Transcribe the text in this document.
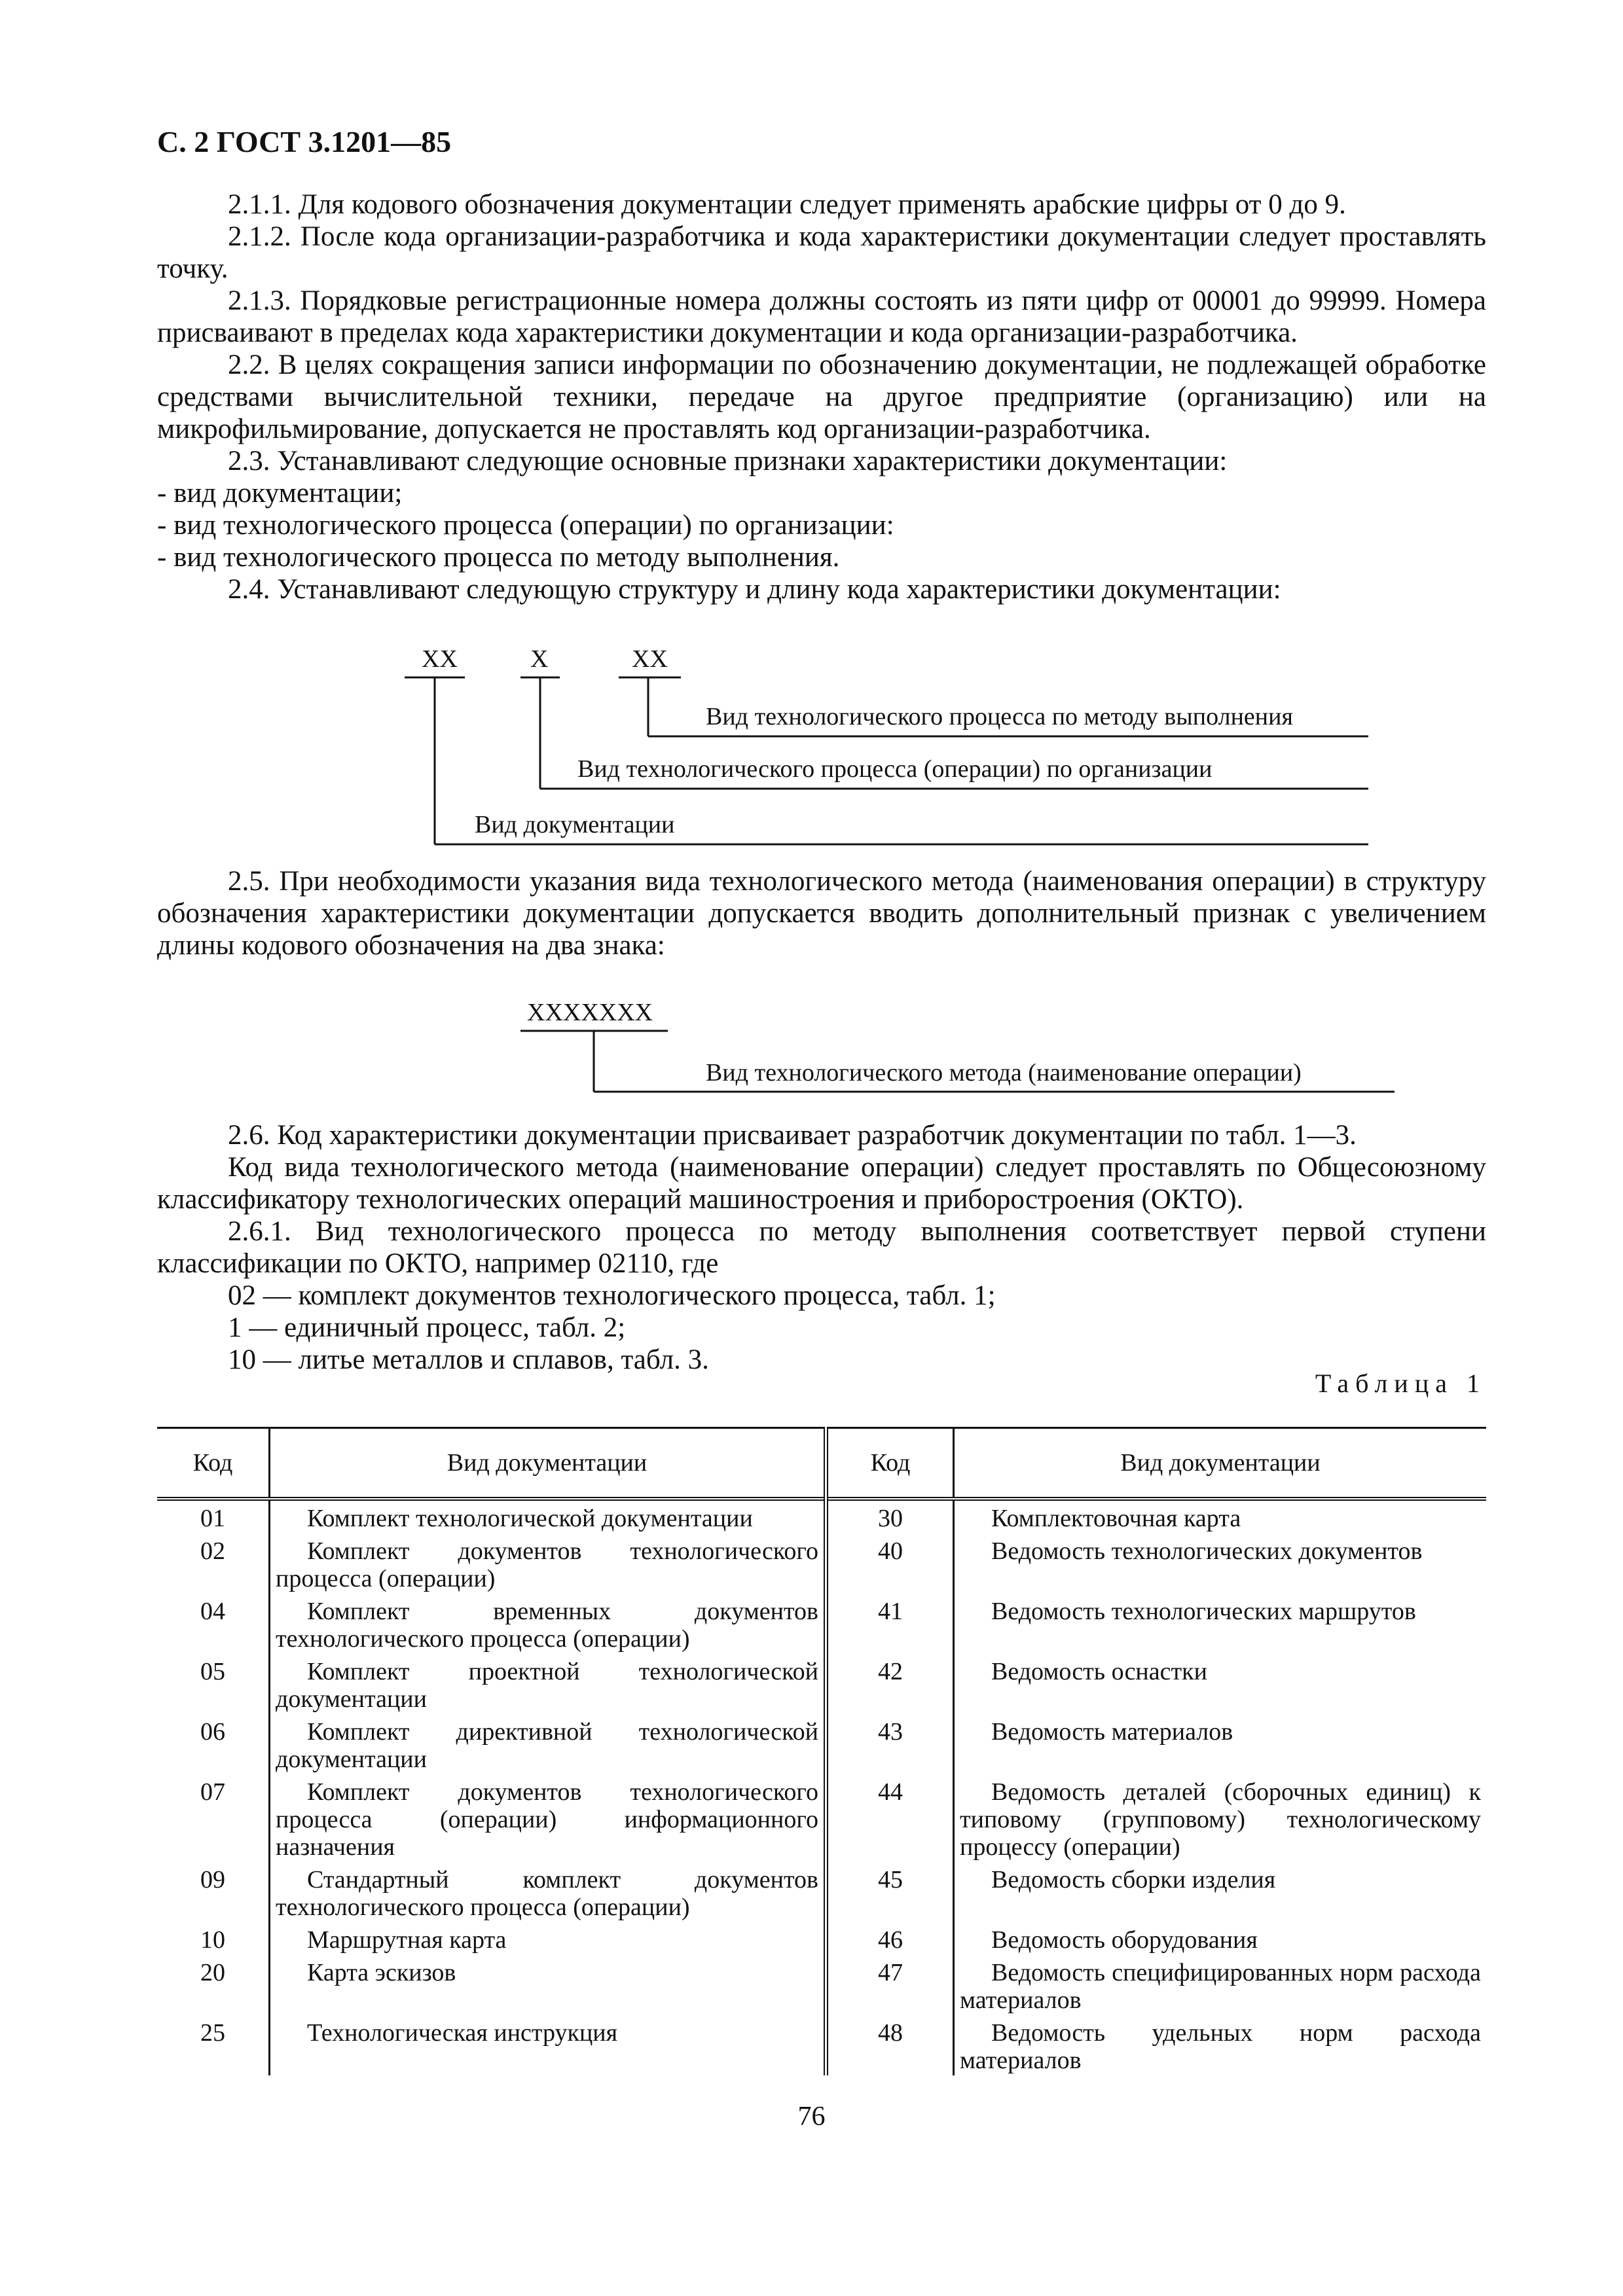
С. 2 ГОСТ 3.1201—85

2.1.1. Для кодового обозначения документации следует применять арабские цифры от 0 до 9.

2.1.2. После кода организации-разработчика и кода характеристики документации следует проставлять точку.

2.1.3. Порядковые регистрационные номера должны состоять из пяти цифр от 00001 до 99999. Номера присваивают в пределах кода характеристики документации и кода организации-разработчика.

2.2. В целях сокращения записи информации по обозначению документации, не подлежащей обработке средствами вычислительной техники, передаче на другое предприятие (организацию) или на микрофильмирование, допускается не проставлять код организации-разработчика.

2.3. Устанавливают следующие основные признаки характеристики документации:

- вид документации;

- вид технологического процесса (операции) по организации:

- вид технологического процесса по методу выполнения.

2.4. Устанавливают следующую структуру и длину кода характеристики документации:

XX	X	XX
Вид технологического процесса по методу выполнения
Вид технологического процесса (операции) по организации
Вид документации

2.5. При необходимости указания вида технологического метода (наименования операции) в структуру обозначения характеристики документации допускается вводить дополнительный признак с увеличением длины кодового обозначения на два знака:

XXXXXXX
Вид технологического метода (наименование операции)

2.6. Код характеристики документации присваивает разработчик документации по табл. 1—3.

Код вида технологического метода (наименование операции) следует проставлять по Общесоюзному классификатору технологических операций машиностроения и приборостроения (ОКТО).

2.6.1. Вид технологического процесса по методу выполнения соответствует первой ступени классификации по ОКТО, например 02110, где

02 — комплект документов технологического процесса, табл. 1;

1 — единичный процесс, табл. 2;

10 — литье металлов и сплавов, табл. 3.

Таблица 1
Код	Вид документации	Код	Вид документации
01	Комплект технологической документации	30	Комплектовочная карта
02	Комплект документов технологического процесса (операции)	40	Ведомость технологических документов
04	Комплект временных документов технологического процесса (операции)	41	Ведомость технологических маршрутов
05	Комплект проектной технологической документации	42	Ведомость оснастки
06	Комплект директивной технологической документации	43	Ведомость материалов
07	Комплект документов технологического процесса (операции) информационного назначения	44	Ведомость деталей (сборочных единиц) к типовому (групповому) технологическому процессу (операции)
09	Стандартный комплект документов технологического процесса (операции)	45	Ведомость сборки изделия
10	Маршрутная карта	46	Ведомость оборудования
20	Карта эскизов	47	Ведомость специфицированных норм расхода материалов
25	Технологическая инструкция	48	Ведомость удельных норм расхода материалов
76
